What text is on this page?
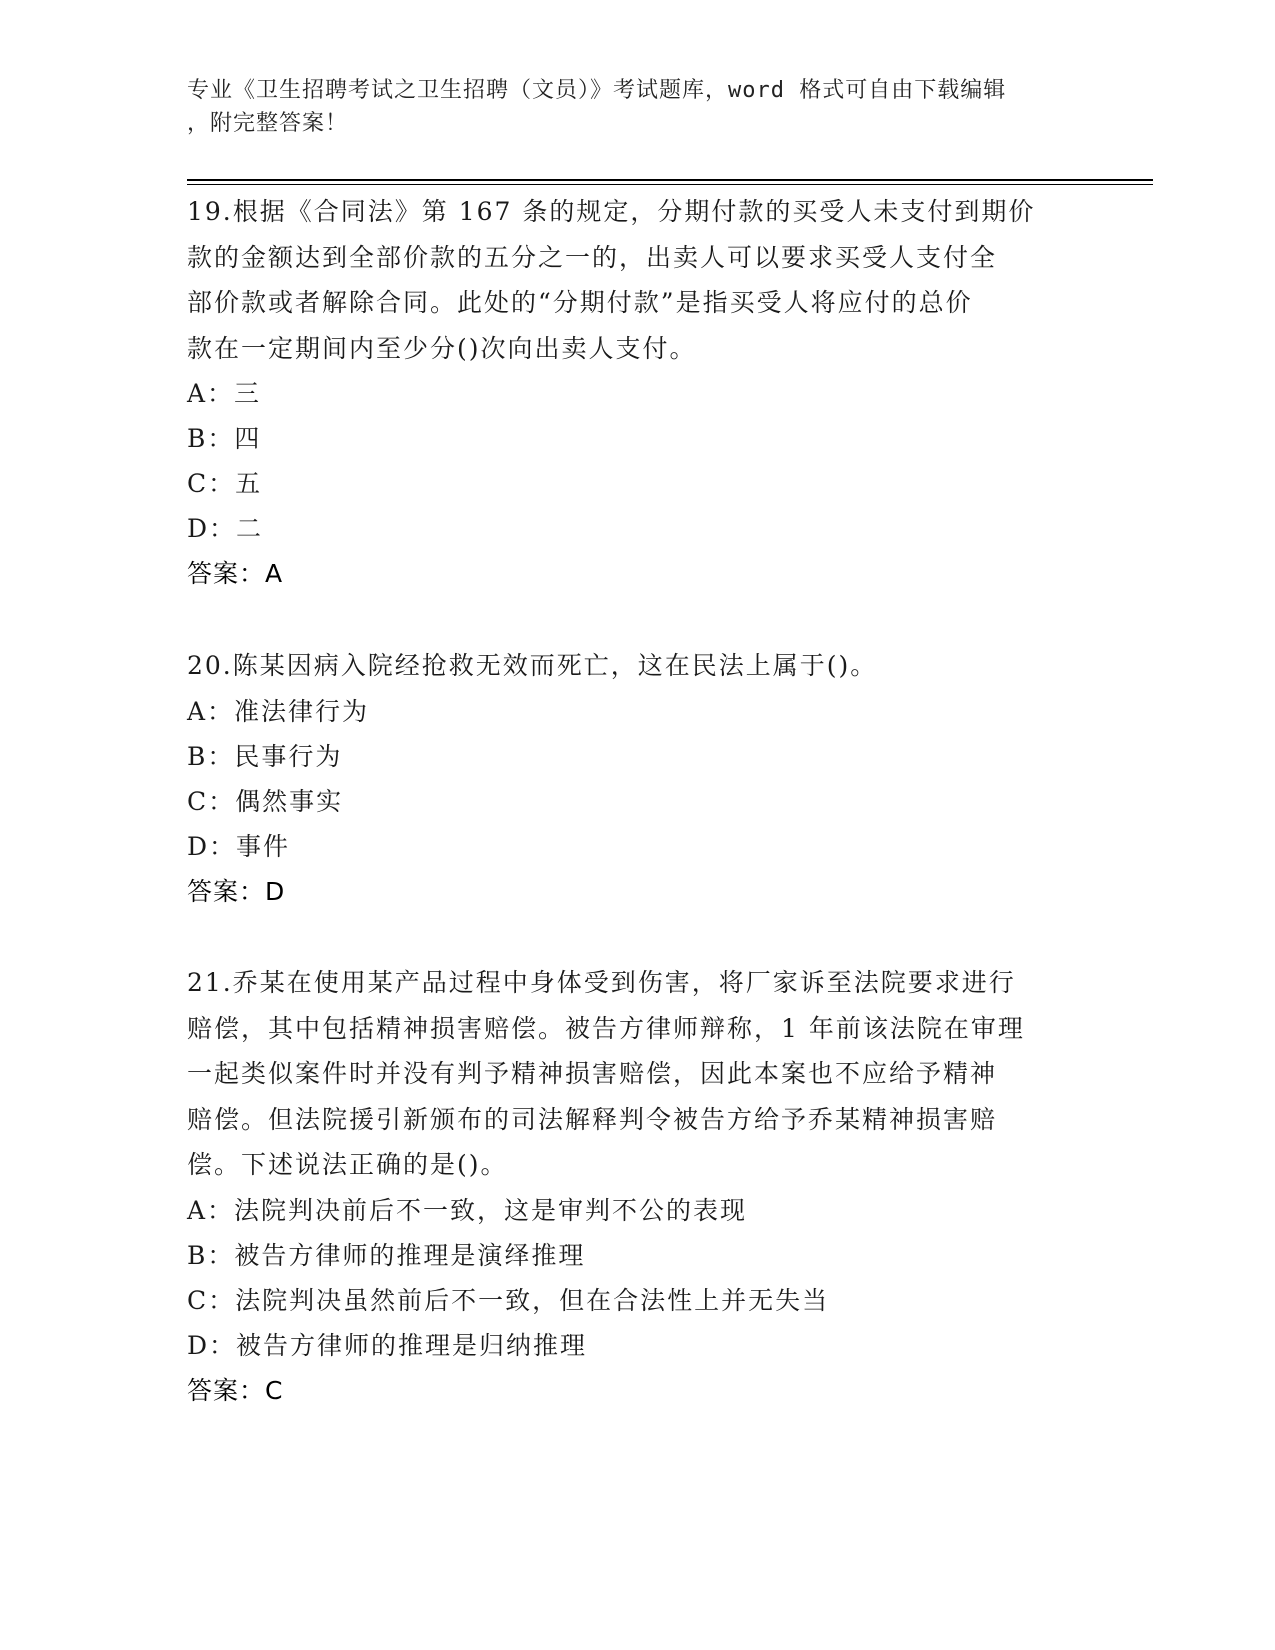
专业《卫生招聘考试之卫生招聘（文员）》考试题库，word 格式可自由下载编辑
，附完整答案！
19.根据《合同法》第 167 条的规定，分期付款的买受人未支付到期价
款的金额达到全部价款的五分之一的，出卖人可以要求买受人支付全
部价款或者解除合同。此处的“分期付款”是指买受人将应付的总价
款在一定期间内至少分()次向出卖人支付。
A：三
B：四
C：五
D：二
答案：A
20.陈某因病入院经抢救无效而死亡，这在民法上属于()。
A：准法律行为
B：民事行为
C：偶然事实
D：事件
答案：D
21.乔某在使用某产品过程中身体受到伤害，将厂家诉至法院要求进行
赔偿，其中包括精神损害赔偿。被告方律师辩称，1 年前该法院在审理
一起类似案件时并没有判予精神损害赔偿，因此本案也不应给予精神
赔偿。但法院援引新颁布的司法解释判令被告方给予乔某精神损害赔
偿。下述说法正确的是()。
A：法院判决前后不一致，这是审判不公的表现
B：被告方律师的推理是演绎推理
C：法院判决虽然前后不一致，但在合法性上并无失当
D：被告方律师的推理是归纳推理
答案：C
